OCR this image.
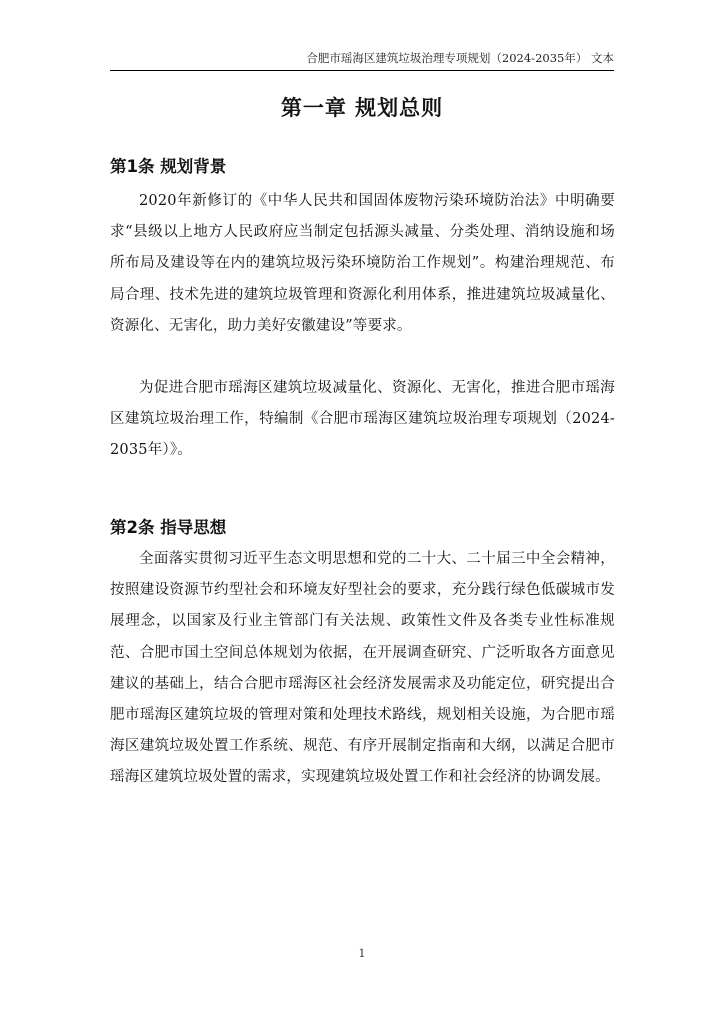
合肥市瑶海区建筑垃圾治理专项规划（2024-2035年） 文本
第一章 规划总则
第1条 规划背景

2020年新修订的《中华人民共和国固体废物污染环境防治法》中明确要求“县级以上地方人民政府应当制定包括源头减量、分类处理、消纳设施和场所布局及建设等在内的建筑垃圾污染环境防治工作规划”。构建治理规范、布局合理、技术先进的建筑垃圾管理和资源化利用体系，推进建筑垃圾减量化、资源化、无害化，助力美好安徽建设”等要求。

为促进合肥市瑶海区建筑垃圾减量化、资源化、无害化，推进合肥市瑶海区建筑垃圾治理工作，特编制《合肥市瑶海区建筑垃圾治理专项规划（2024-2035年）》。

第2条 指导思想

全面落实贯彻习近平生态文明思想和党的二十大、二十届三中全会精神，按照建设资源节约型社会和环境友好型社会的要求，充分践行绿色低碳城市发展理念，以国家及行业主管部门有关法规、政策性文件及各类专业性标准规范、合肥市国土空间总体规划为依据，在开展调查研究、广泛听取各方面意见建议的基础上，结合合肥市瑶海区社会经济发展需求及功能定位，研究提出合肥市瑶海区建筑垃圾的管理对策和处理技术路线，规划相关设施，为合肥市瑶海区建筑垃圾处置工作系统、规范、有序开展制定指南和大纲，以满足合肥市瑶海区建筑垃圾处置的需求，实现建筑垃圾处置工作和社会经济的协调发展。

1
